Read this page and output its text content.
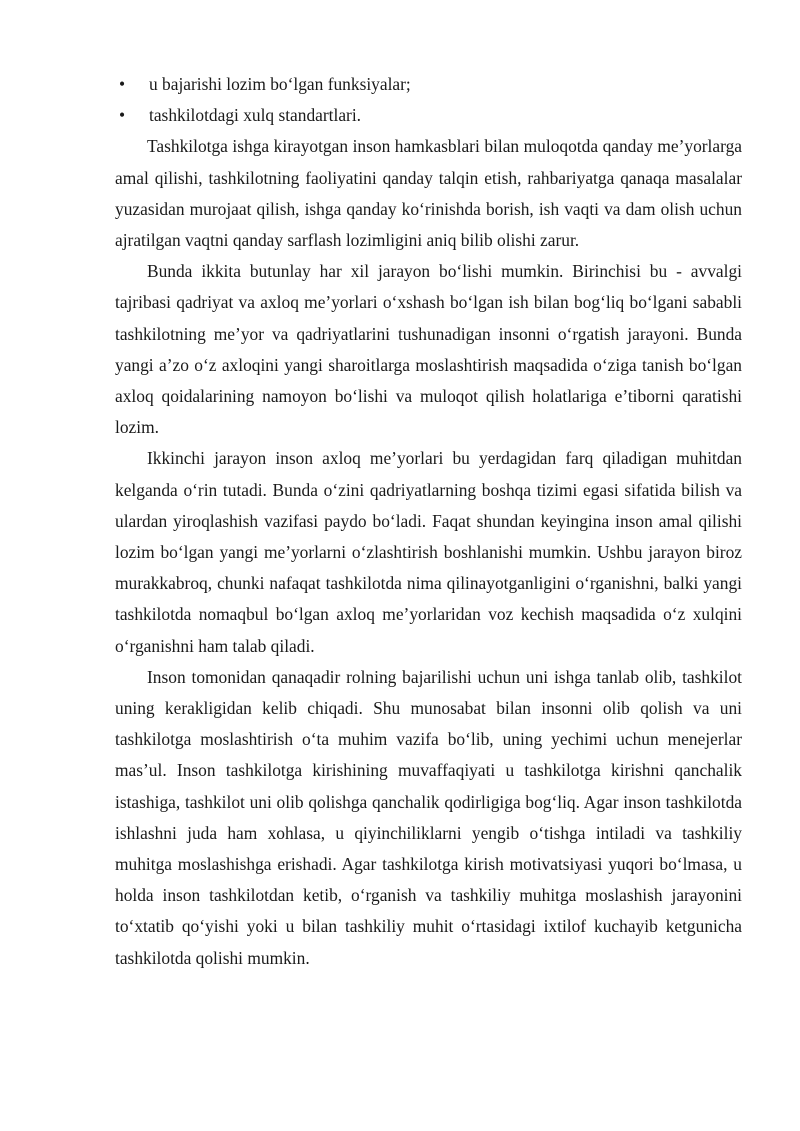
• u bajarishi lozim bo‘lgan funksiyalar;
• tashkilotdagi xulq standartlari.

Tashkilotga ishga kirayotgan inson hamkasblari bilan muloqotda qanday me’yorlarga amal qilishi, tashkilotning faoliyatini qanday talqin etish, rahbariyatga qanaqa masalalar yuzasidan murojaat qilish, ishga qanday ko‘rinishda borish, ish vaqti va dam olish uchun ajratilgan vaqtni qanday sarflash lozimligini aniq bilib olishi zarur.

Bunda ikkita butunlay har xil jarayon bo‘lishi mumkin. Birinchisi bu - avvalgi tajribasi qadriyat va axloq me’yorlari o‘xshash bo‘lgan ish bilan bog‘liq bo‘lgani sababli tashkilotning me’yor va qadriyatlarini tushunadigan insonni o‘rgatish jarayoni. Bunda yangi a’zo o‘z axloqini yangi sharoitlarga moslashtirish maqsadida o‘ziga tanish bo‘lgan axloq qoidalarining namoyon bo‘lishi va muloqot qilish holatlariga e’tiborni qaratishi lozim.

Ikkinchi jarayon inson axloq me’yorlari bu yerdagidan farq qiladigan muhitdan kelganda o‘rin tutadi. Bunda o‘zini qadriyatlarning boshqa tizimi egasi sifatida bilish va ulardan yiroqlashish vazifasi paydo bo‘ladi. Faqat shundan keyingina inson amal qilishi lozim bo‘lgan yangi me’yorlarni o‘zlashtirish boshlanishi mumkin. Ushbu jarayon biroz murakkabroq, chunki nafaqat tashkilotda nima qilinayotganligini o‘rganishni, balki yangi tashkilotda nomaqbul bo‘lgan axloq me’yorlaridan voz kechish maqsadida o‘z xulqini o‘rganishni ham talab qiladi.

Inson tomonidan qanaqadir rolning bajarilishi uchun uni ishga tanlab olib, tashkilot uning kerakligidan kelib chiqadi. Shu munosabat bilan insonni olib qolish va uni tashkilotga moslashtirish o‘ta muhim vazifa bo‘lib, uning yechimi uchun menejerlar mas’ul. Inson tashkilotga kirishining muvaffaqiyati u tashkilotga kirishni qanchalik istashiga, tashkilot uni olib qolishga qanchalik qodirligiga bog‘liq. Agar inson tashkilotda ishlashni juda ham xohlasa, u qiyinchiliklarni yengib o‘tishga intiladi va tashkiliy muhitga moslashishga erishadi. Agar tashkilotga kirish motivatsiyasi yuqori bo‘lmasa, u holda inson tashkilotdan ketib, o‘rganish va tashkiliy muhitga moslashish jarayonini to‘xtatib qo‘yishi yoki u bilan tashkiliy muhit o‘rtasidagi ixtilof kuchayib ketgunicha tashkilotda qolishi mumkin.
